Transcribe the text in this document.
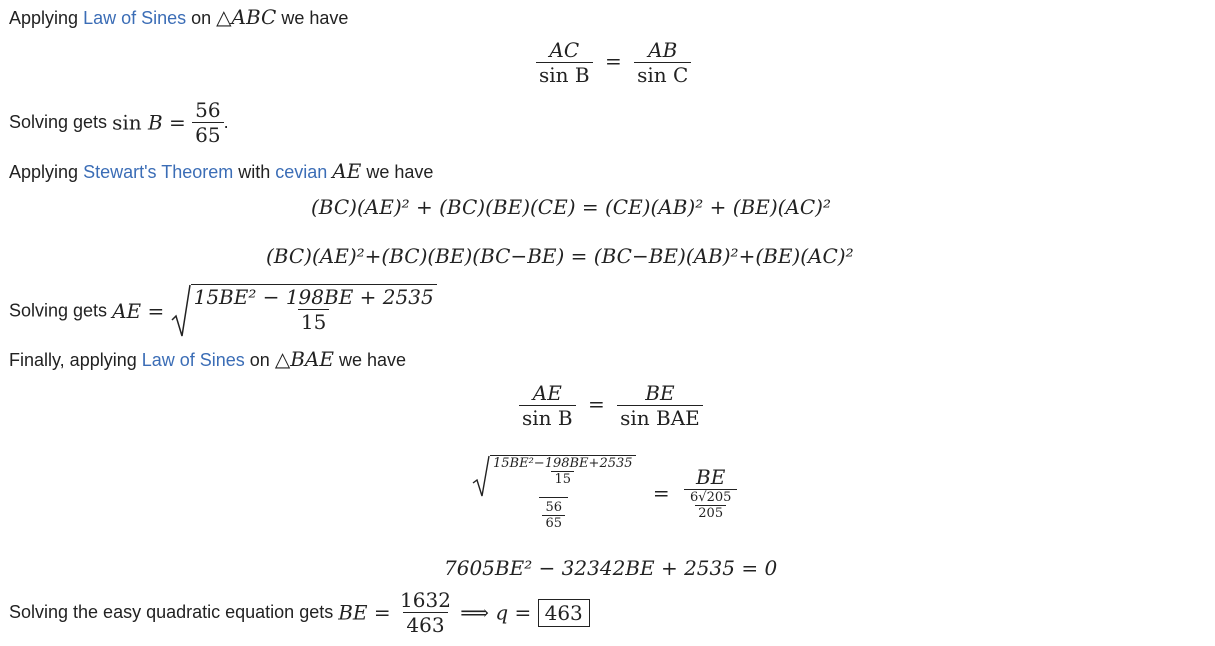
Applying Law of Sines on △ABC we have
$\frac{AC}{\text{sin B}} = \frac{AB}{\text{sin C}}$
Solving gets $\sin B = \frac{56}{65}$ .
Applying Stewart's Theorem with cevian AE we have
(BC)(AE)² + (BC)(BE)(CE) = (CE)(AB)² + (BE)(AC)²
(BC)(AE)²+(BC)(BE)(BC−BE) = (BC−BE)(AB)²+(BE)(AC)²
Solving gets AE = $\frac{\text{15BE² − 198BE + 2535}}{15}$
Finally, applying Law of Sines on △BAE we have
$\frac{AE}{\text{sin B}} = \frac{BE}{\text{sin BAE}}$
$\frac{\frac{\text{15BE²−198BE+2535}}{15}}{\frac{56}{65}} = \frac{BE}{\frac{6√205}{205}}$
7605BE² − 32342BE + 2535 = 0
Solving the easy quadratic equation gets BE = $\frac{1632}{463}$ ⟹ q = 463
